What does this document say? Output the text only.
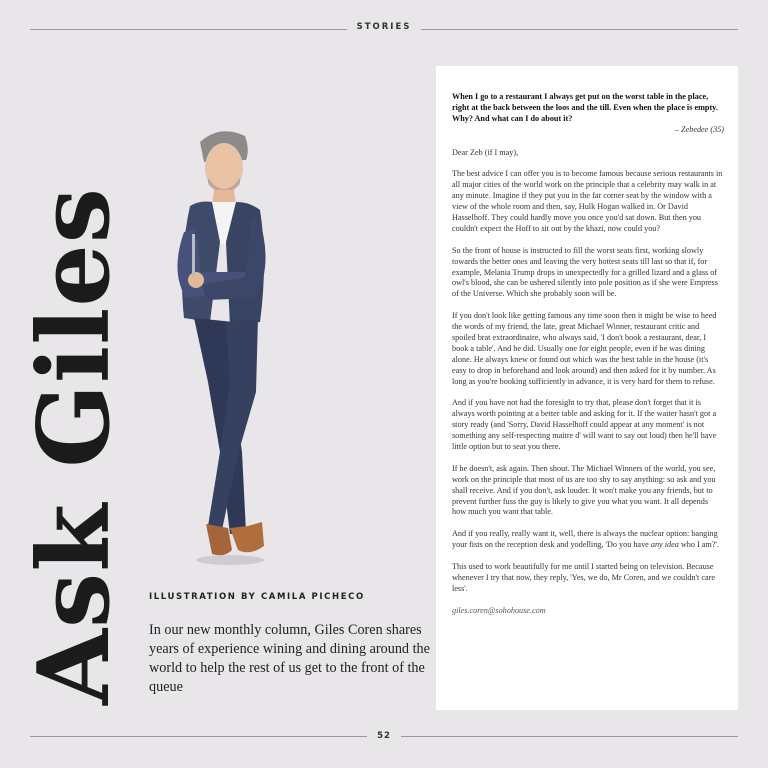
STORIES
52
Ask Giles ILLUSTRATION BY CAMILA PICHECO
In our new monthly column, Giles Coren shares years of experience wining and dining around the world to help the rest of us get to the front of the queue
When I go to a restaurant I always get put on the worst table in the place, right at the back between the loos and the till. Even when the place is empty. Why? And what can I do about it?
– Zebedee (35)

Dear Zeb (if I may),

The best advice I can offer you is to become famous because serious restaurants in all major cities of the world work on the principle that a celebrity may walk in at any minute. Imagine if they put you in the far corner seat by the window with a view of the whole room and then, say, Hulk Hogan walked in. Or David Hasselhoff. They could hardly move you once you'd sat down. But then you couldn't expect the Hoff to sit out by the khazi, now could you?

So the front of house is instructed to fill the worst seats first, working slowly towards the better ones and leaving the very hottest seats till last so that if, for example, Melania Trump drops in unexpectedly for a grilled lizard and a glass of owl's blood, she can be ushered silently into pole position as if she were Empress of the Universe. Which she probably soon will be.

If you don't look like getting famous any time soon then it might be wise to heed the words of my friend, the late, great Michael Winner, restaurant critic and spoiled brat extraordinaire, who always said, 'I don't book a restaurant, dear, I book a table'. And he did. Usually one for eight people, even if he was dining alone. He always knew or found out which was the best table in the house (it's easy to drop in beforehand and look around) and then asked for it by number. As long as you're booking sufficiently in advance, it is very hard for them to refuse.

And if you have not had the foresight to try that, please don't forget that it is always worth pointing at a better table and asking for it. If the waiter hasn't got a story ready (and 'Sorry, David Hasselhoff could appear at any moment' is not something any self-respecting maitre d' will want to say out loud) then he'll have little option but to seat you there.

If he doesn't, ask again. Then shout. The Michael Winners of the world, you see, work on the principle that most of us are too shy to say anything: so ask and you shall receive. And if you don't, ask louder. It won't make you any friends, but to prevent further fuss the guy is likely to give you what you want. It all depends how much you want that table.

And if you really, really want it, well, there is always the nuclear option: banging your fists on the reception desk and yodelling, 'Do you have any idea who I am?'.

This used to work beautifully for me until I started being on television. Because whenever I try that now, they reply, 'Yes, we do, Mr Coren, and we couldn't care less'.

giles.coren@sohohouse.com
